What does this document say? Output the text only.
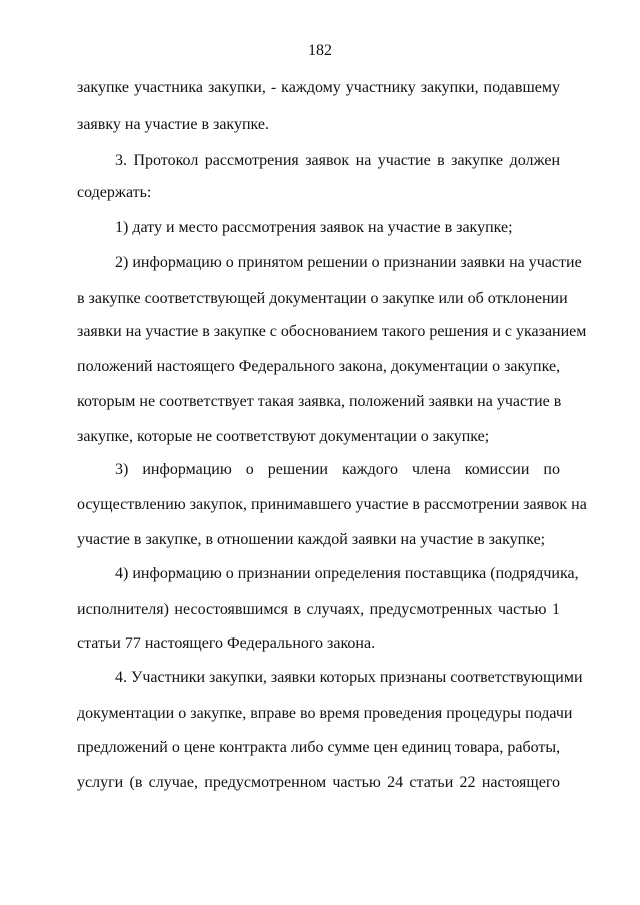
182
закупке участника закупки, - каждому участнику закупки, подавшему
заявку на участие в закупке.
3. Протокол рассмотрения заявок на участие в закупке должен
содержать:
1) дату и место рассмотрения заявок на участие в закупке;
2) информацию о принятом решении о признании заявки на участие
в закупке соответствующей документации о закупке или об отклонении
заявки на участие в закупке с обоснованием такого решения и с указанием
положений настоящего Федерального закона, документации о закупке,
которым не соответствует такая заявка, положений заявки на участие в
закупке, которые не соответствуют документации о закупке;
3) информацию о решении каждого члена комиссии по
осуществлению закупок, принимавшего участие в рассмотрении заявок на
участие в закупке, в отношении каждой заявки на участие в закупке;
4) информацию о признании определения поставщика (подрядчика,
исполнителя) несостоявшимся в случаях, предусмотренных частью 1
статьи 77 настоящего Федерального закона.
4. Участники закупки, заявки которых признаны соответствующими
документации о закупке, вправе во время проведения процедуры подачи
предложений о цене контракта либо сумме цен единиц товара, работы,
услуги (в случае, предусмотренном частью 24 статьи 22 настоящего
